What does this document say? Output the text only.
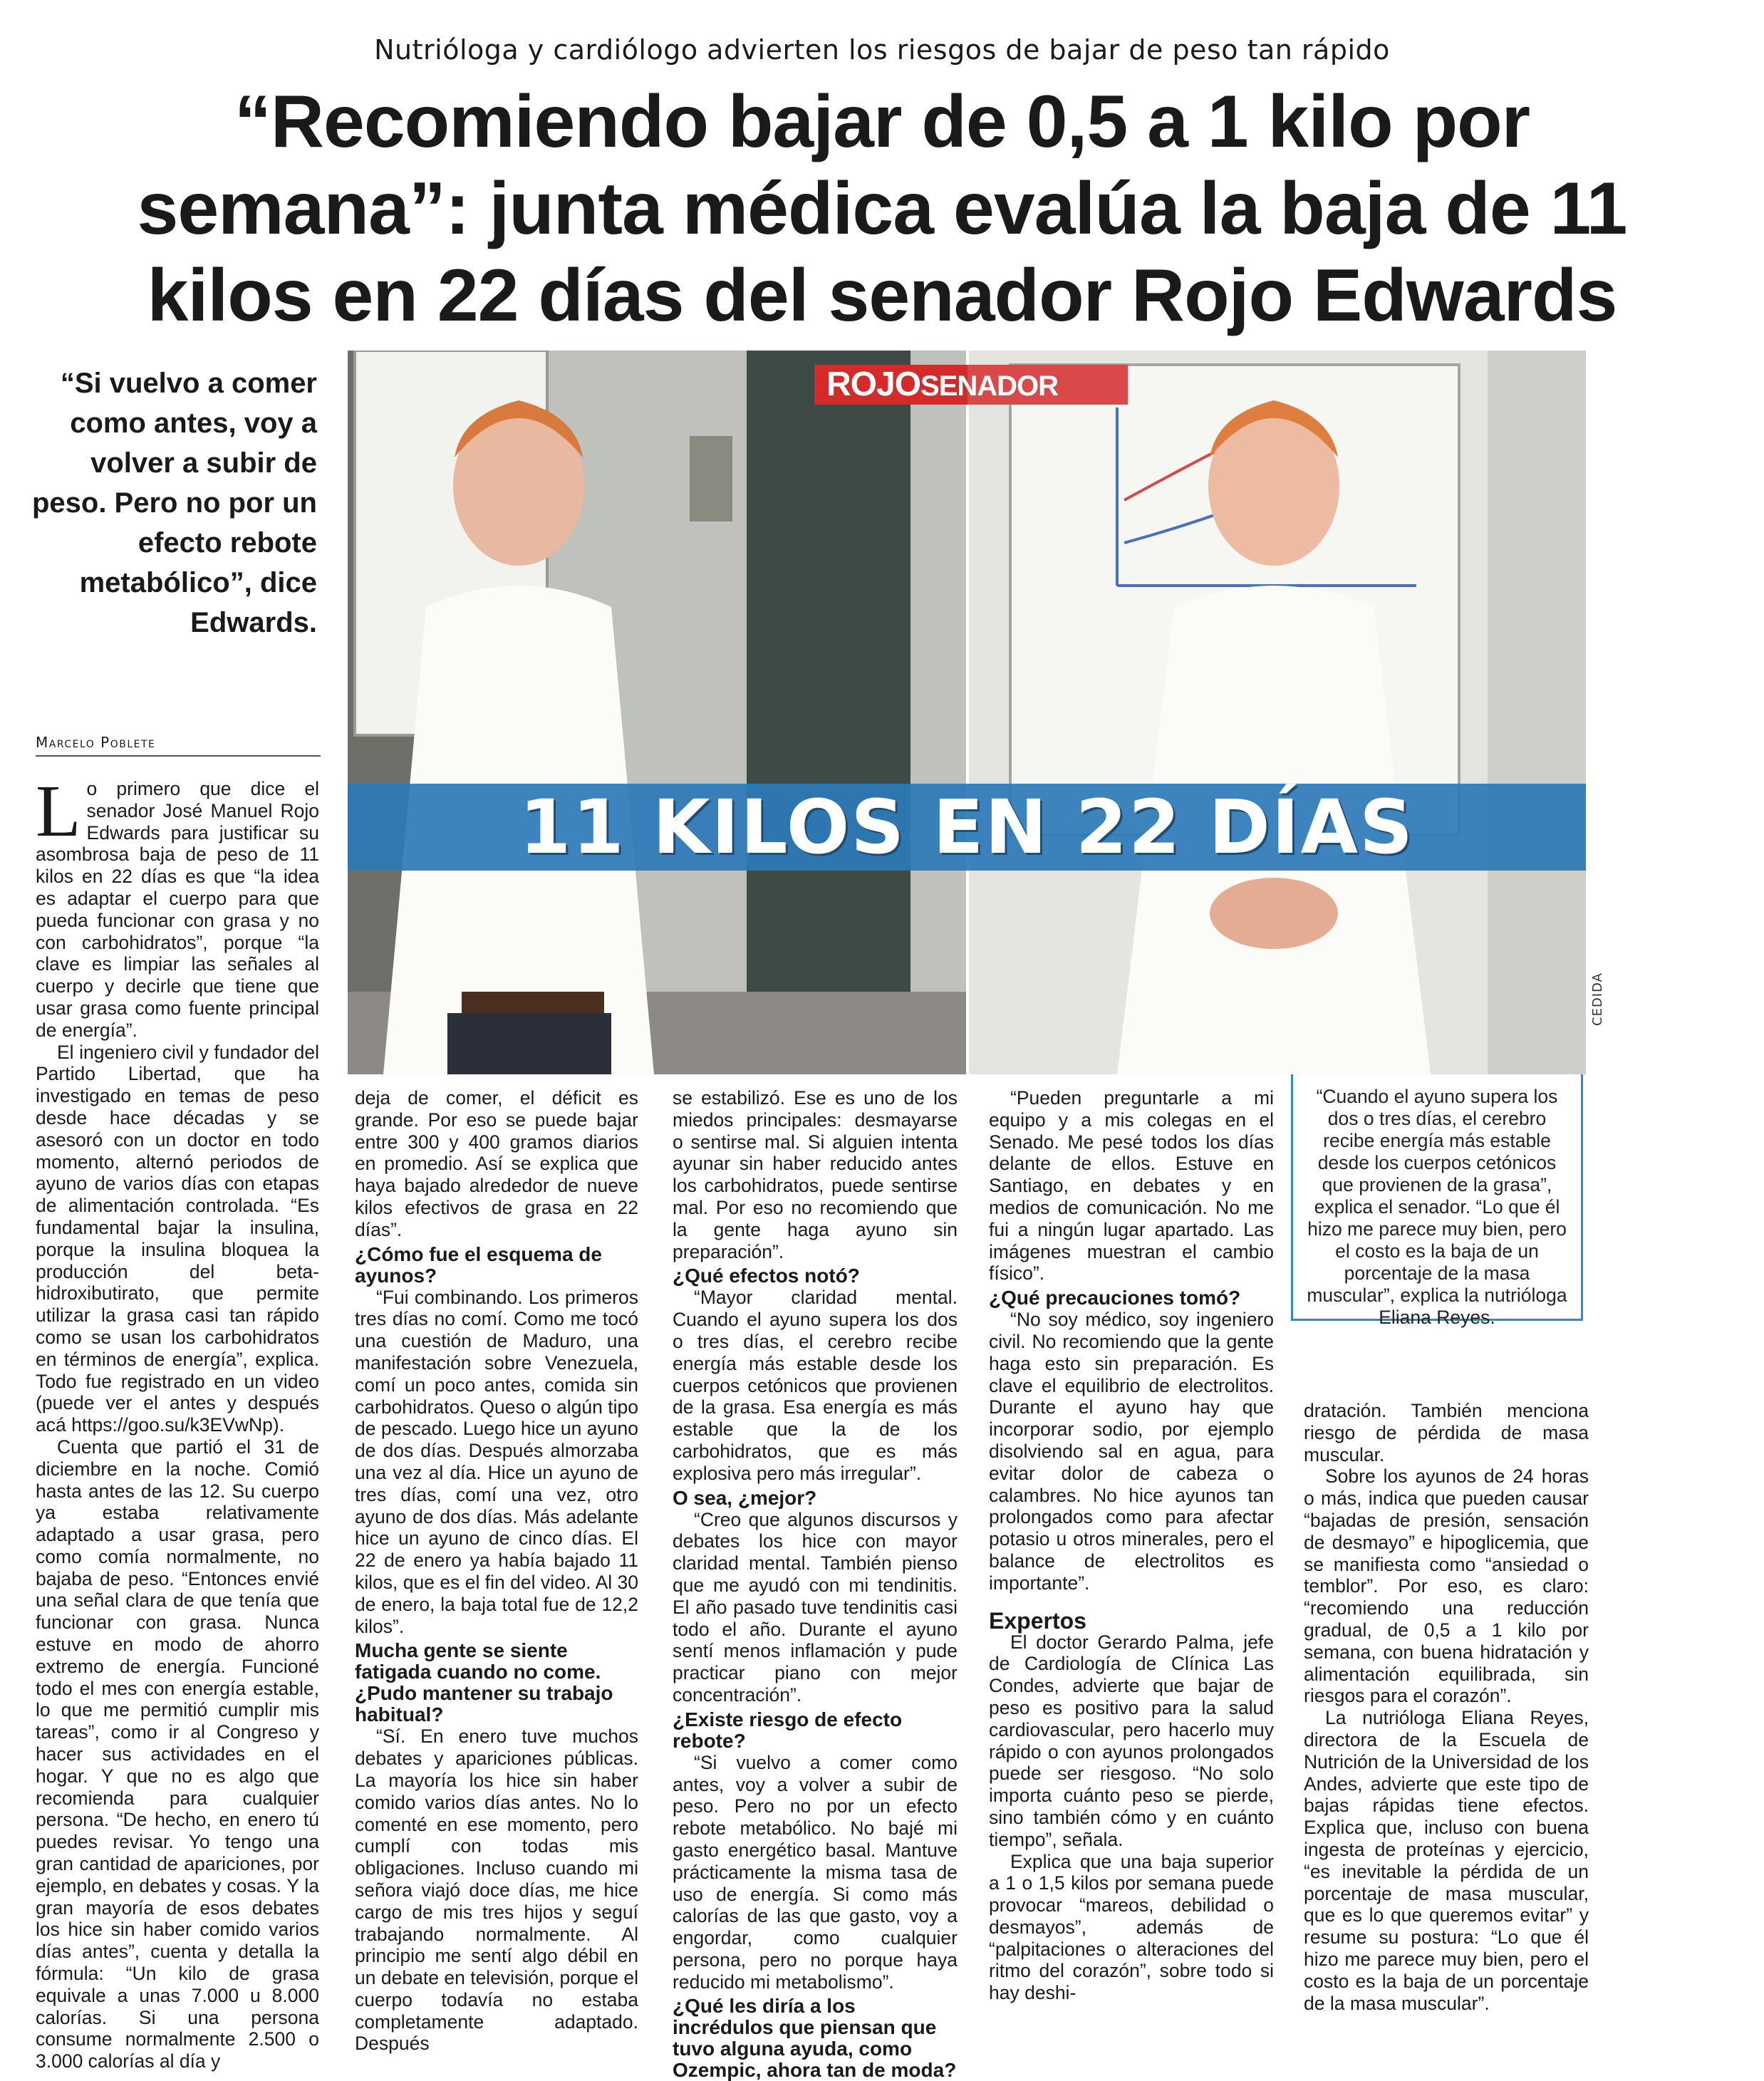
Nutrióloga y cardiólogo advierten los riesgos de bajar de peso tan rápido
“Recomiendo bajar de 0,5 a 1 kilo por
semana”: junta médica evalúa la baja de 11
kilos en 22 días del senador Rojo Edwards
“Si vuelvo a comer como antes, voy a volver a subir de peso. Pero no por un efecto rebote metabólico”, dice Edwards.
Marcelo Poblete
ROJOSENADOR
11 KILOS EN 22 DÍAS
CEDIDA

Lo primero que dice el senador José Manuel Rojo Edwards para justificar su asombrosa baja de peso de 11 kilos en 22 días es que “la idea es adaptar el cuerpo para que pueda funcionar con grasa y no con carbohidratos”, porque “la clave es limpiar las señales al cuerpo y decirle que tiene que usar grasa como fuente principal de energía”.

El ingeniero civil y fundador del Partido Libertad, que ha investigado en temas de peso desde hace décadas y se asesoró con un doctor en todo momento, alternó periodos de ayuno de varios días con etapas de alimentación controlada. “Es fundamental bajar la insulina, porque la insulina bloquea la producción del beta-hidroxibutirato, que permite utilizar la grasa casi tan rápido como se usan los carbohidratos en términos de energía”, explica. Todo fue registrado en un video (puede ver el antes y después acá https://goo.su/k3EVwNp).

Cuenta que partió el 31 de diciembre en la noche. Comió hasta antes de las 12. Su cuerpo ya estaba relativamente adaptado a usar grasa, pero como comía normalmente, no bajaba de peso. “Entonces envié una señal clara de que tenía que funcionar con grasa. Nunca estuve en modo de ahorro extremo de energía. Funcioné todo el mes con energía estable, lo que me permitió cumplir mis tareas”, como ir al Congreso y hacer sus actividades en el hogar. Y que no es algo que recomienda para cualquier persona. “De hecho, en enero tú puedes revisar. Yo tengo una gran cantidad de apariciones, por ejemplo, en debates y cosas. Y la gran mayoría de esos debates los hice sin haber comido varios días antes”, cuenta y detalla la fórmula: “Un kilo de grasa equivale a unas 7.000 u 8.000 calorías. Si una persona consume normalmente 2.500 o 3.000 calorías al día y

deja de comer, el déficit es grande. Por eso se puede bajar entre 300 y 400 gramos diarios en promedio. Así se explica que haya bajado alrededor de nueve kilos efectivos de grasa en 22 días”.

¿Cómo fue el esquema de ayunos?

“Fui combinando. Los primeros tres días no comí. Como me tocó una cuestión de Maduro, una manifestación sobre Venezuela, comí un poco antes, comida sin carbohidratos. Queso o algún tipo de pescado. Luego hice un ayuno de dos días. Después almorzaba una vez al día. Hice un ayuno de tres días, comí una vez, otro ayuno de dos días. Más adelante hice un ayuno de cinco días. El 22 de enero ya había bajado 11 kilos, que es el fin del video. Al 30 de enero, la baja total fue de 12,2 kilos”.

Mucha gente se siente fatigada cuando no come. ¿Pudo mantener su trabajo habitual?

“Sí. En enero tuve muchos debates y apariciones públicas. La mayoría los hice sin haber comido varios días antes. No lo comenté en ese momento, pero cumplí con todas mis obligaciones. Incluso cuando mi señora viajó doce días, me hice cargo de mis tres hijos y seguí trabajando normalmente. Al principio me sentí algo débil en un debate en televisión, porque el cuerpo todavía no estaba completamente adaptado. Después

se estabilizó. Ese es uno de los miedos principales: desmayarse o sentirse mal. Si alguien intenta ayunar sin haber reducido antes los carbohidratos, puede sentirse mal. Por eso no recomiendo que la gente haga ayuno sin preparación”.

¿Qué efectos notó?

“Mayor claridad mental. Cuando el ayuno supera los dos o tres días, el cerebro recibe energía más estable desde los cuerpos cetónicos que provienen de la grasa. Esa energía es más estable que la de los carbohidratos, que es más explosiva pero más irregular”.

O sea, ¿mejor?

“Creo que algunos discursos y debates los hice con mayor claridad mental. También pienso que me ayudó con mi tendinitis. El año pasado tuve tendinitis casi todo el año. Durante el ayuno sentí menos inflamación y pude practicar piano con mejor concentración”.

¿Existe riesgo de efecto rebote?

“Si vuelvo a comer como antes, voy a volver a subir de peso. Pero no por un efecto rebote metabólico. No bajé mi gasto energético basal. Mantuve prácticamente la misma tasa de uso de energía. Si como más calorías de las que gasto, voy a engordar, como cualquier persona, pero no porque haya reducido mi metabolismo”.

¿Qué les diría a los incrédulos que piensan que tuvo alguna ayuda, como Ozempic, ahora tan de moda?
“Cuando el ayuno supera los dos o tres días, el cerebro recibe energía más estable desde los cuerpos cetónicos que provienen de la grasa”, explica el senador. “Lo que él hizo me parece muy bien, pero el costo es la baja de un porcentaje de la masa muscular”, explica la nutrióloga Eliana Reyes.

“Pueden preguntarle a mi equipo y a mis colegas en el Senado. Me pesé todos los días delante de ellos. Estuve en Santiago, en debates y en medios de comunicación. No me fui a ningún lugar apartado. Las imágenes muestran el cambio físico”.

¿Qué precauciones tomó?

“No soy médico, soy ingeniero civil. No recomiendo que la gente haga esto sin preparación. Es clave el equilibrio de electrolitos. Durante el ayuno hay que incorporar sodio, por ejemplo disolviendo sal en agua, para evitar dolor de cabeza o calambres. No hice ayunos tan prolongados como para afectar potasio u otros minerales, pero el balance de electrolitos es importante”.

Expertos

El doctor Gerardo Palma, jefe de Cardiología de Clínica Las Condes, advierte que bajar de peso es positivo para la salud cardiovascular, pero hacerlo muy rápido o con ayunos prolongados puede ser riesgoso. “No solo importa cuánto peso se pierde, sino también cómo y en cuánto tiempo”, señala.

Explica que una baja superior a 1 o 1,5 kilos por semana puede provocar “mareos, debilidad o desmayos”, además de “palpitaciones o alteraciones del ritmo del corazón”, sobre todo si hay deshi-

dratación. También menciona riesgo de pérdida de masa muscular.

Sobre los ayunos de 24 horas o más, indica que pueden causar “bajadas de presión, sensación de desmayo” e hipoglicemia, que se manifiesta como “ansiedad o temblor”. Por eso, es claro: “recomiendo una reducción gradual, de 0,5 a 1 kilo por semana, con buena hidratación y alimentación equilibrada, sin riesgos para el corazón”.

La nutrióloga Eliana Reyes, directora de la Escuela de Nutrición de la Universidad de los Andes, advierte que este tipo de bajas rápidas tiene efectos. Explica que, incluso con buena ingesta de proteínas y ejercicio, “es inevitable la pérdida de un porcentaje de masa muscular, que es lo que queremos evitar” y resume su postura: “Lo que él hizo me parece muy bien, pero el costo es la baja de un porcentaje de la masa muscular”.
